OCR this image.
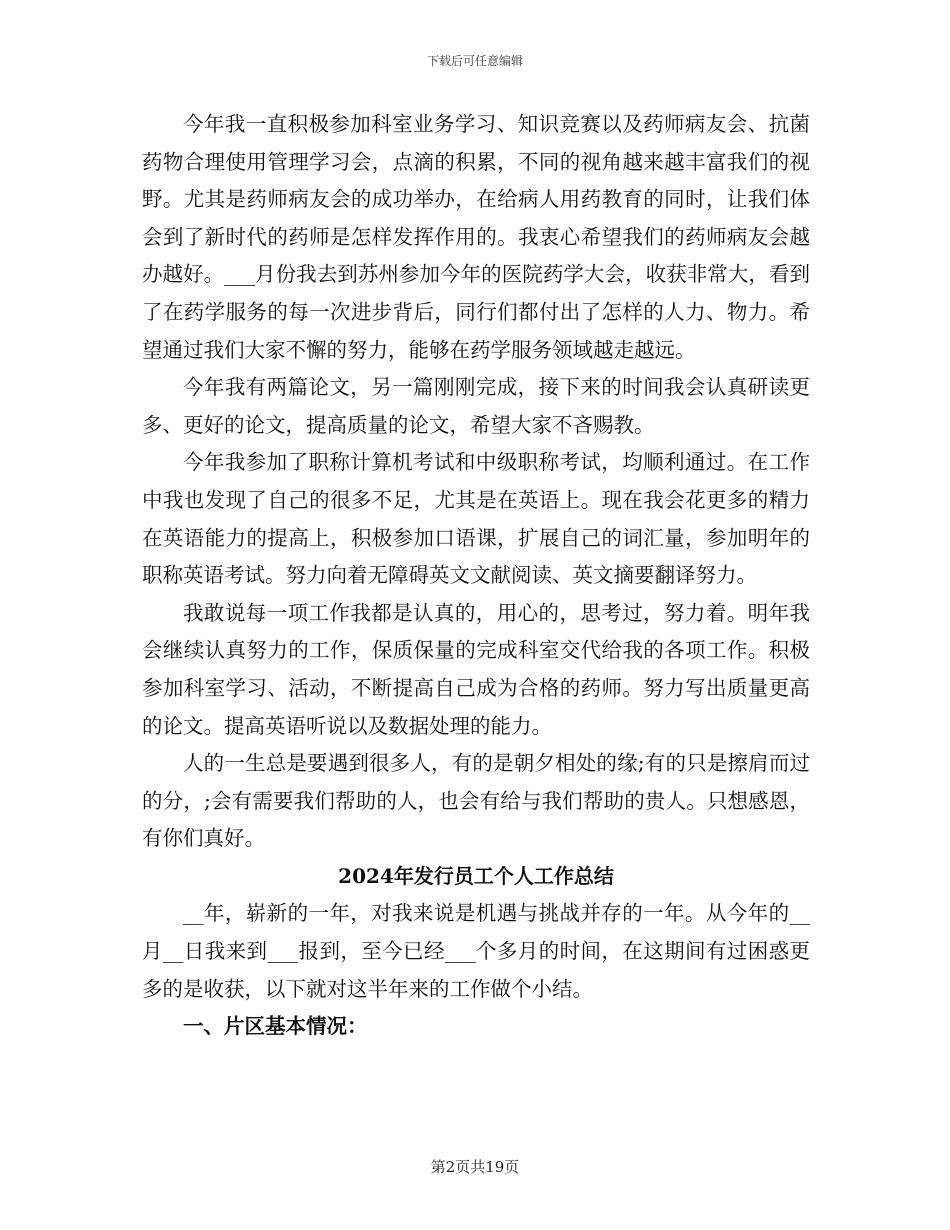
下载后可任意编辑

今年我一直积极参加科室业务学习、知识竞赛以及药师病友会、抗菌药物合理使用管理学习会，点滴的积累，不同的视角越来越丰富我们的视野。尤其是药师病友会的成功举办，在给病人用药教育的同时，让我们体会到了新时代的药师是怎样发挥作用的。我衷心希望我们的药师病友会越办越好。___月份我去到苏州参加今年的医院药学大会，收获非常大，看到了在药学服务的每一次进步背后，同行们都付出了怎样的人力、物力。希望通过我们大家不懈的努力，能够在药学服务领域越走越远。

今年我有两篇论文，另一篇刚刚完成，接下来的时间我会认真研读更多、更好的论文，提高质量的论文，希望大家不吝赐教。

今年我参加了职称计算机考试和中级职称考试，均顺利通过。在工作中我也发现了自己的很多不足，尤其是在英语上。现在我会花更多的精力在英语能力的提高上，积极参加口语课，扩展自己的词汇量，参加明年的职称英语考试。努力向着无障碍英文文献阅读、英文摘要翻译努力。

我敢说每一项工作我都是认真的，用心的，思考过，努力着。明年我会继续认真努力的工作，保质保量的完成科室交代给我的各项工作。积极参加科室学习、活动，不断提高自己成为合格的药师。努力写出质量更高的论文。提高英语听说以及数据处理的能力。

人的一生总是要遇到很多人，有的是朝夕相处的缘;有的只是擦肩而过的分，;会有需要我们帮助的人，也会有给与我们帮助的贵人。只想感恩，有你们真好。

2024年发行员工个人工作总结

__年，崭新的一年，对我来说是机遇与挑战并存的一年。从今年的__月__日我来到___报到，至今已经___个多月的时间，在这期间有过困惑更多的是收获，以下就对这半年来的工作做个小结。

一、片区基本情况：

第2页共19页
